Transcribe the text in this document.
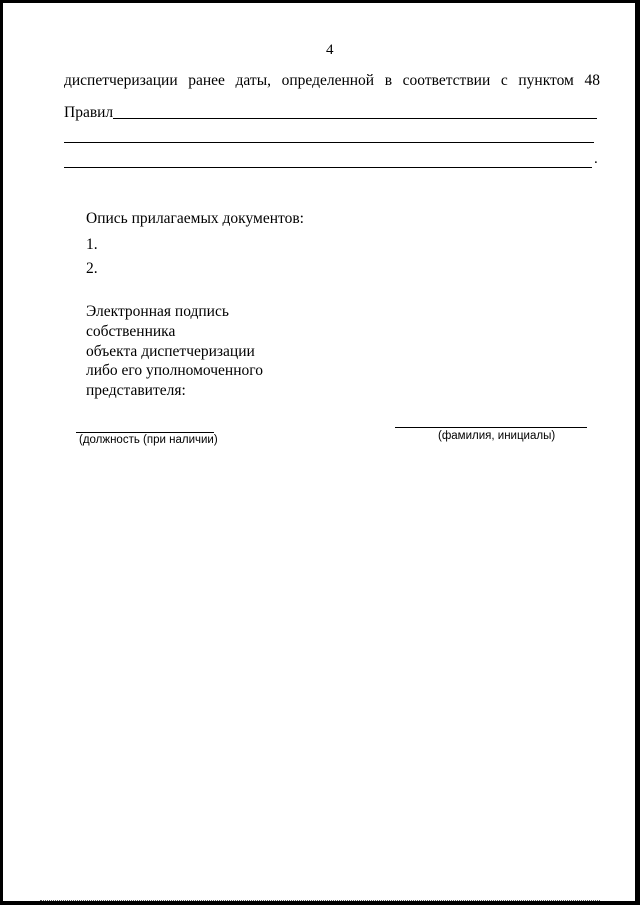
4
диспетчеризации ранее даты, определенной в соответствии с пунктом 48
Правил
.
Опись прилагаемых документов:
1.
2.
Электронная подпись
собственника
объекта диспетчеризации
либо его уполномоченного
представителя:
(должность (при наличии)	(фамилия, инициалы)
